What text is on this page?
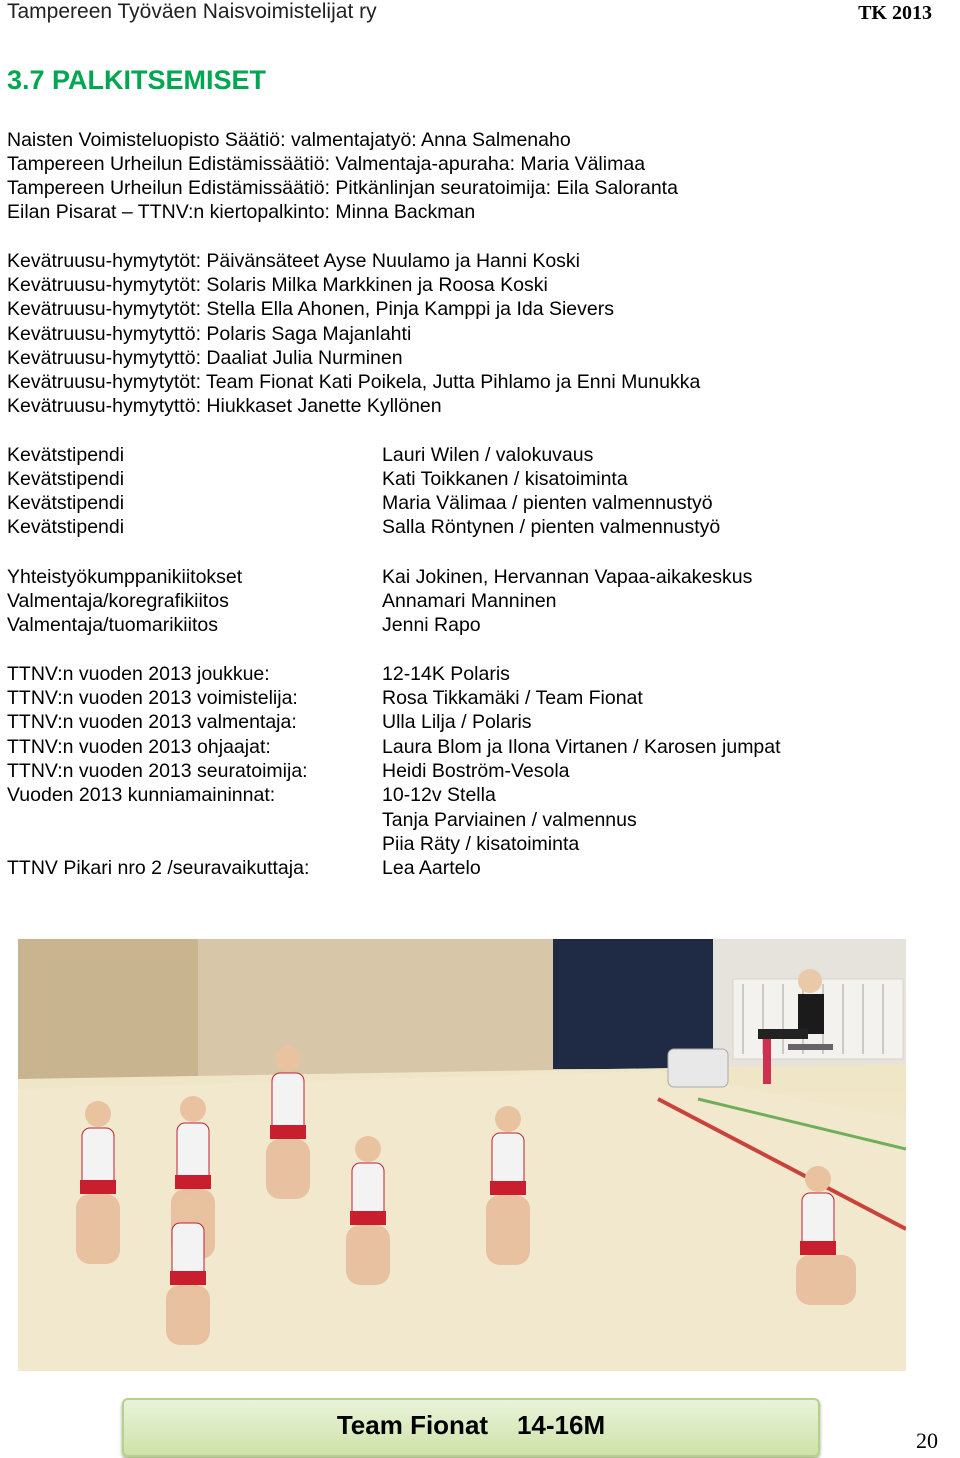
Tampereen Työväen Naisvoimistelijat ry	TK 2013
3.7 PALKITSEMISET
Naisten Voimisteluopisto Säätiö: valmentajatyö: Anna Salmenaho
Tampereen Urheilun Edistämissäätiö: Valmentaja-apuraha: Maria Välimaa
Tampereen Urheilun Edistämissäätiö: Pitkänlinjan seuratoimija: Eila Saloranta
Eilan Pisarat – TTNV:n kiertopalkinto: Minna Backman
Kevätruusu-hymytytöt: Päivänsäteet Ayse Nuulamo ja Hanni Koski
Kevätruusu-hymytytöt: Solaris Milka Markkinen ja Roosa Koski
Kevätruusu-hymytytöt: Stella Ella Ahonen, Pinja Kamppi ja Ida Sievers
Kevätruusu-hymytyttö: Polaris Saga Majanlahti
Kevätruusu-hymytyttö: Daaliat Julia Nurminen
Kevätruusu-hymytytöt: Team Fionat Kati Poikela, Jutta Pihlamo ja Enni Munukka
Kevätruusu-hymytyttö: Hiukkaset Janette Kyllönen
Kevätstipendi
Kevätstipendi
Kevätstipendi
Kevätstipendi
Lauri Wilen / valokuvaus
Kati Toikkanen / kisatoiminta
Maria Välimaa / pienten valmennustyö
Salla Röntynen / pienten valmennustyö
Yhteistyökumppanikiitokset
Valmentaja/koregrafikiitos
Valmentaja/tuomarikiitos
Kai Jokinen, Hervannan Vapaa-aikakeskus
Annamari Manninen
Jenni Rapo
TTNV:n vuoden 2013 joukkue:
TTNV:n vuoden 2013 voimistelija:
TTNV:n vuoden 2013 valmentaja:
TTNV:n vuoden 2013 ohjaajat:
TTNV:n vuoden 2013 seuratoimija:
Vuoden 2013 kunniamaininnat:
12-14K Polaris
Rosa Tikkamäki / Team Fionat
Ulla Lilja / Polaris
Laura Blom ja Ilona Virtanen / Karosen jumpat
Heidi Boström-Vesola
10-12v Stella
Tanja Parviainen / valmennus
Piia Räty / kisatoiminta
TTNV Pikari nro 2 /seuravaikuttaja:	Lea Aartelo
Team Fionat    14-16M
20
